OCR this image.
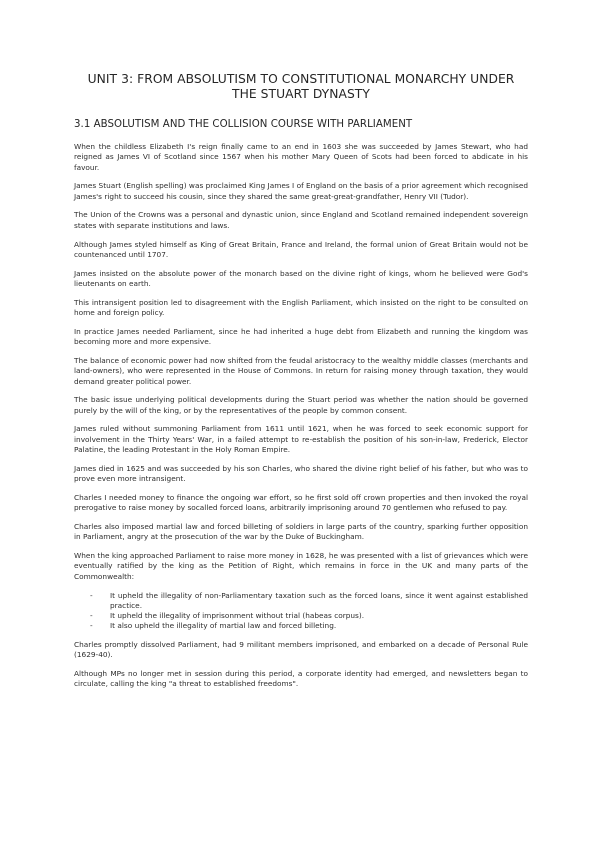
UNIT 3: FROM ABSOLUTISM TO CONSTITUTIONAL MONARCHY UNDER THE STUART DYNASTY
3.1 ABSOLUTISM AND THE COLLISION COURSE WITH PARLIAMENT

When the childless Elizabeth I's reign finally came to an end in 1603 she was succeeded by James Stewart, who had reigned as James VI of Scotland since 1567 when his mother Mary Queen of Scots had been forced to abdicate in his favour.

James Stuart (English spelling) was proclaimed King James I of England on the basis of a prior agreement which recognised James's right to succeed his cousin, since they shared the same great-great-grandfather, Henry VII (Tudor).

The Union of the Crowns was a personal and dynastic union, since England and Scotland remained independent sovereign states with separate institutions and laws.

Although James styled himself as King of Great Britain, France and Ireland, the formal union of Great Britain would not be countenanced until 1707.

James insisted on the absolute power of the monarch based on the divine right of kings, whom he believed were God's lieutenants on earth.

This intransigent position led to disagreement with the English Parliament, which insisted on the right to be consulted on home and foreign policy.

In practice James needed Parliament, since he had inherited a huge debt from Elizabeth and running the kingdom was becoming more and more expensive.

The balance of economic power had now shifted from the feudal aristocracy to the wealthy middle classes (merchants and land-owners), who were represented in the House of Commons. In return for raising money through taxation, they would demand greater political power.

The basic issue underlying political developments during the Stuart period was whether the nation should be governed purely by the will of the king, or by the representatives of the people by common consent.

James ruled without summoning Parliament from 1611 until 1621, when he was forced to seek economic support for involvement in the Thirty Years' War, in a failed attempt to re-establish the position of his son-in-law, Frederick, Elector Palatine, the leading Protestant in the Holy Roman Empire.

James died in 1625 and was succeeded by his son Charles, who shared the divine right belief of his father, but who was to prove even more intransigent.

Charles I needed money to finance the ongoing war effort, so he first sold off crown properties and then invoked the royal prerogative to raise money by socalled forced loans, arbitrarily imprisoning around 70 gentlemen who refused to pay.

Charles also imposed martial law and forced billeting of soldiers in large parts of the country, sparking further opposition in Parliament, angry at the prosecution of the war by the Duke of Buckingham.

When the king approached Parliament to raise more money in 1628, he was presented with a list of grievances which were eventually ratified by the king as the Petition of Right, which remains in force in the UK and many parts of the Commonwealth:

- It upheld the illegality of non-Parliamentary taxation such as the forced loans, since it went against established practice.
- It upheld the illegality of imprisonment without trial (habeas corpus).
- It also upheld the illegality of martial law and forced billeting.

Charles promptly dissolved Parliament, had 9 militant members imprisoned, and embarked on a decade of Personal Rule (1629-40).

Although MPs no longer met in session during this period, a corporate identity had emerged, and newsletters began to circulate, calling the king "a threat to established freedoms".
